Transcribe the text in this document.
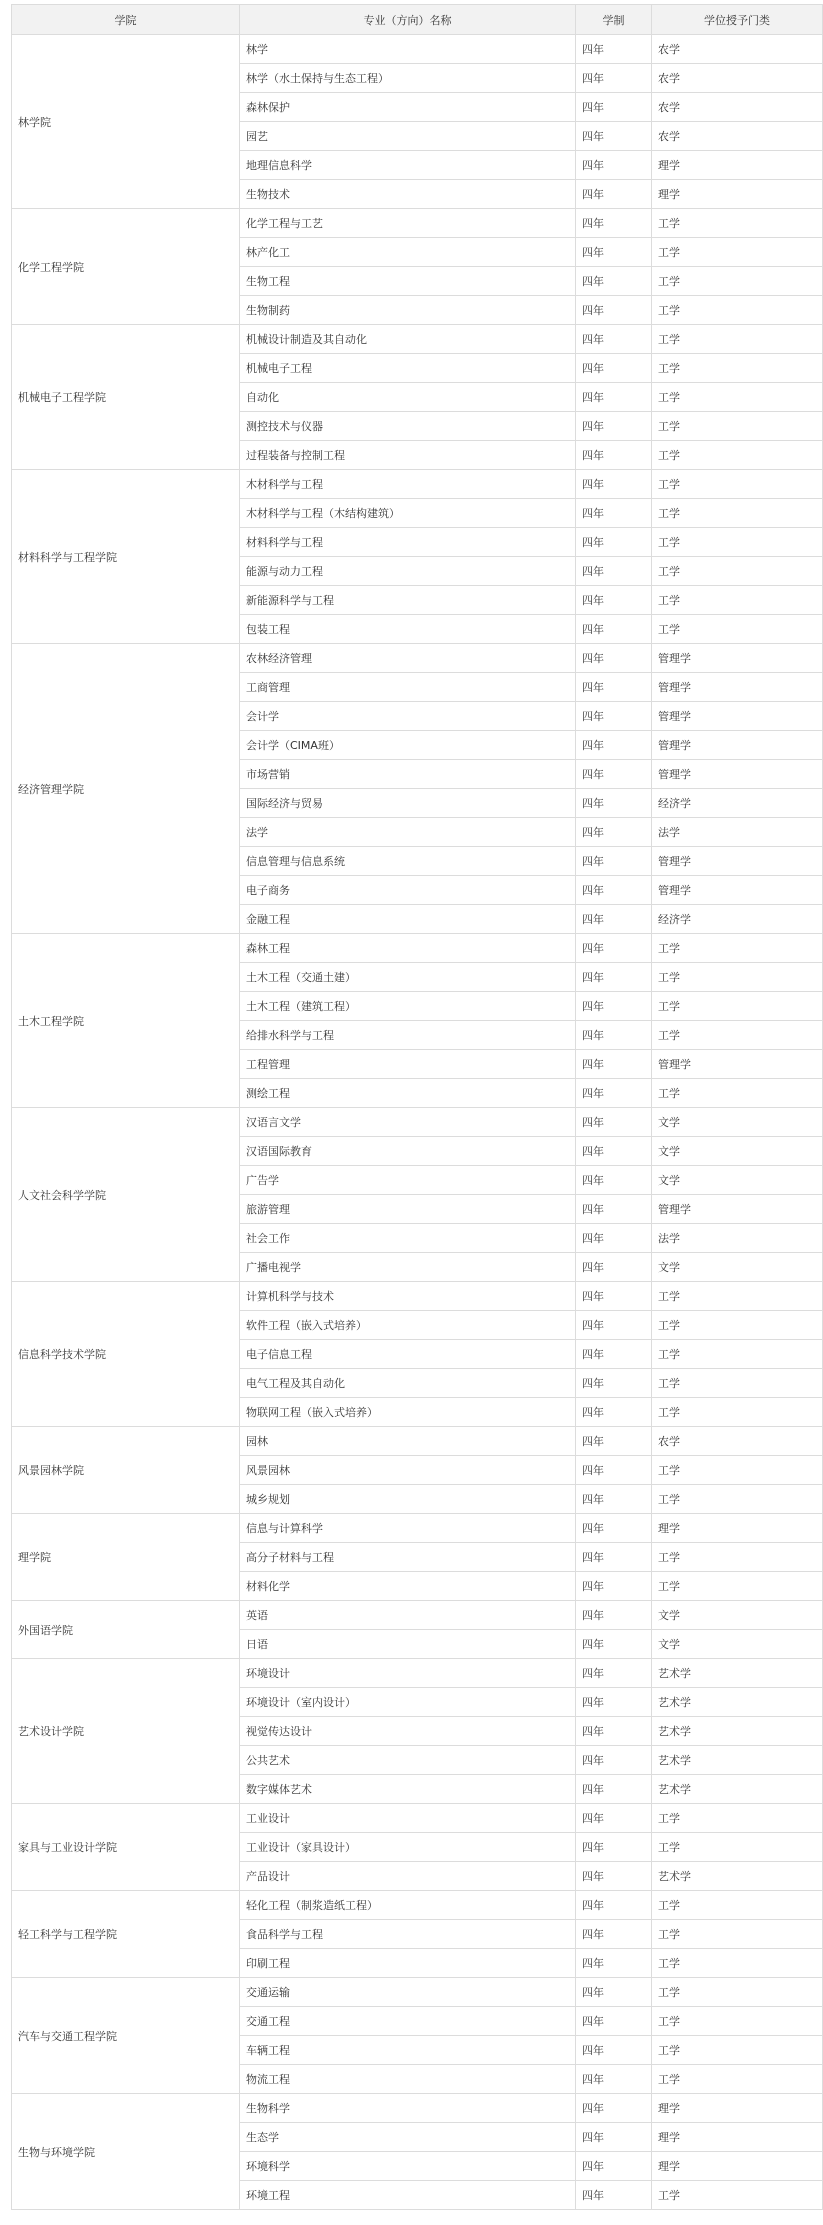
学院	专业（方向）名称	学制	学位授予门类
林学院	林学	四年	农学
	林学（水土保持与生态工程）	四年	农学
	森林保护	四年	农学
	园艺	四年	农学
	地理信息科学	四年	理学
	生物技术	四年	理学
化学工程学院	化学工程与工艺	四年	工学
	林产化工	四年	工学
	生物工程	四年	工学
	生物制药	四年	工学
机械电子工程学院	机械设计制造及其自动化	四年	工学
	机械电子工程	四年	工学
	自动化	四年	工学
	测控技术与仪器	四年	工学
	过程装备与控制工程	四年	工学
材料科学与工程学院	木材科学与工程	四年	工学
	木材科学与工程（木结构建筑）	四年	工学
	材料科学与工程	四年	工学
	能源与动力工程	四年	工学
	新能源科学与工程	四年	工学
	包装工程	四年	工学
经济管理学院	农林经济管理	四年	管理学
	工商管理	四年	管理学
	会计学	四年	管理学
	会计学（CIMA班）	四年	管理学
	市场营销	四年	管理学
	国际经济与贸易	四年	经济学
	法学	四年	法学
	信息管理与信息系统	四年	管理学
	电子商务	四年	管理学
	金融工程	四年	经济学
土木工程学院	森林工程	四年	工学
	土木工程（交通土建）	四年	工学
	土木工程（建筑工程）	四年	工学
	给排水科学与工程	四年	工学
	工程管理	四年	管理学
	测绘工程	四年	工学
人文社会科学学院	汉语言文学	四年	文学
	汉语国际教育	四年	文学
	广告学	四年	文学
	旅游管理	四年	管理学
	社会工作	四年	法学
	广播电视学	四年	文学
信息科学技术学院	计算机科学与技术	四年	工学
	软件工程（嵌入式培养）	四年	工学
	电子信息工程	四年	工学
	电气工程及其自动化	四年	工学
	物联网工程（嵌入式培养）	四年	工学
风景园林学院	园林	四年	农学
	风景园林	四年	工学
	城乡规划	四年	工学
理学院	信息与计算科学	四年	理学
	高分子材料与工程	四年	工学
	材料化学	四年	工学
外国语学院	英语	四年	文学
	日语	四年	文学
艺术设计学院	环境设计	四年	艺术学
	环境设计（室内设计）	四年	艺术学
	视觉传达设计	四年	艺术学
	公共艺术	四年	艺术学
	数字媒体艺术	四年	艺术学
家具与工业设计学院	工业设计	四年	工学
	工业设计（家具设计）	四年	工学
	产品设计	四年	艺术学
轻工科学与工程学院	轻化工程（制浆造纸工程）	四年	工学
	食品科学与工程	四年	工学
	印刷工程	四年	工学
汽车与交通工程学院	交通运输	四年	工学
	交通工程	四年	工学
	车辆工程	四年	工学
	物流工程	四年	工学
生物与环境学院	生物科学	四年	理学
	生态学	四年	理学
	环境科学	四年	理学
	环境工程	四年	工学
